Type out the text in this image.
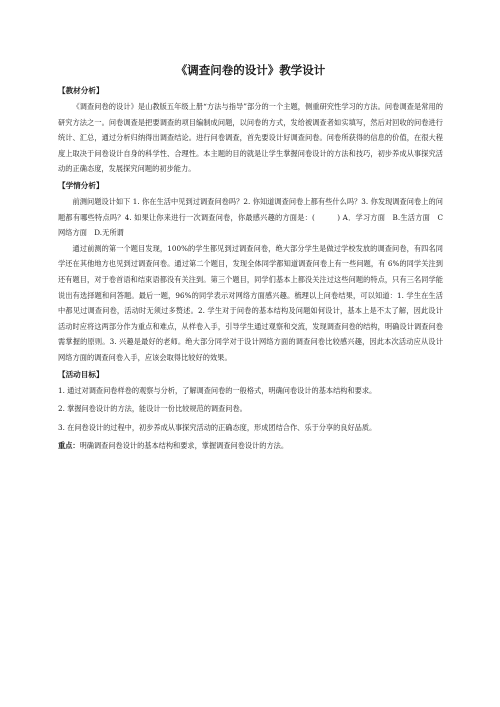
《调查问卷的设计》教学设计
【教材分析】

《调查问卷的设计》是山教版五年级上册“方法与指导”部分的一个主题，侧重研究性学习的方法。问卷调查是常用的研究方法之一。问卷调查是把要调查的项目编制成问题，以问卷的方式，发给被调查者如实填写，然后对回收的问卷进行统计、汇总，通过分析归纳得出调查结论。进行问卷调查，首先要设计好调查问卷。问卷所获得的信息的价值，在很大程度上取决于问卷设计自身的科学性、合理性。本主题的目的就是让学生掌握问卷设计的方法和技巧，初步养成从事探究活动的正确态度，发展探究问题的初步能力。

【学情分析】

前测问题设计如下 1. 你在生活中见到过调查问卷吗？2. 你知道调查问卷上都有些什么吗？3. 你发现调查问卷上的问题都有哪些特点吗？4. 如果让你来进行一次调查问卷，你最感兴趣的方面是：(　　　) A．学习方面　B.生活方面　C 网络方面　D.无所谓

通过前测的第一个题目发现，100%的学生都见到过调查问卷，绝大部分学生是做过学校发放的调查问卷，有四名同学还在其他地方也见到过调查问卷。通过第二个题目，发现全体同学都知道调查问卷上有一些问题，有 6%的同学关注到还有题目，对于卷首语和结束语都没有关注到。第三个题目，同学们基本上都没关注过这些问题的特点，只有三名同学能说出有选择题和问答题。最后一题，96%的同学表示对网络方面感兴趣。梳理以上问卷结果，可以知道：1. 学生在生活中都见过调查问卷，活动时无须过多赘述。2. 学生对于问卷的基本结构及问题如何设计，基本上是不太了解，因此设计活动时应将这两部分作为重点和难点，从样卷入手，引导学生通过观察和交流，发现调查问卷的结构，明确设计调查问卷需掌握的原则。3. 兴趣是最好的老师。绝大部分同学对于设计网络方面的调查问卷比较感兴趣，因此本次活动应从设计网络方面的调查问卷入手，应该会取得比较好的效果。

【活动目标】

1. 通过对调查问卷样卷的观察与分析，了解调查问卷的一般格式，明确问卷设计的基本结构和要求。

2. 掌握问卷设计的方法，能设计一份比较规范的调查问卷。

3. 在问卷设计的过程中，初步养成从事探究活动的正确态度，形成团结合作、乐于分享的良好品质。

重点：明确调查问卷设计的基本结构和要求，掌握调查问卷设计的方法。
